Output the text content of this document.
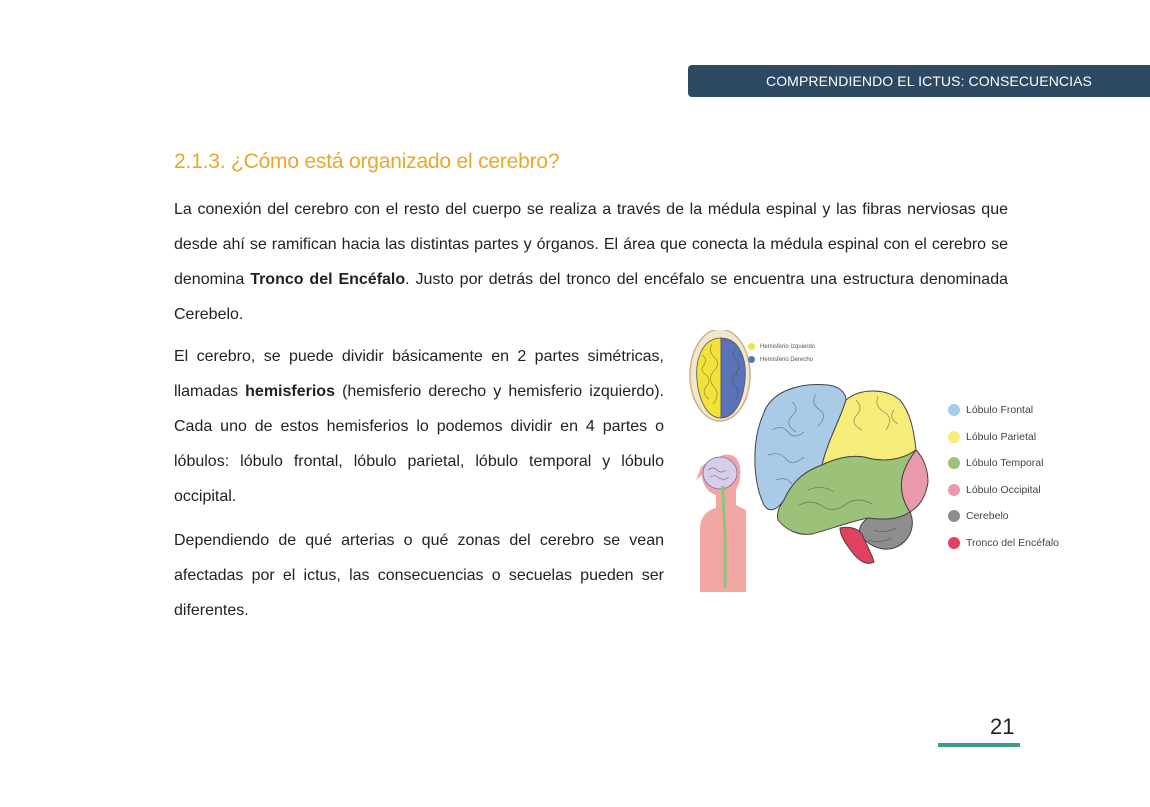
COMPRENDIENDO EL ICTUS: CONSECUENCIAS
2.1.3. ¿Cómo está organizado el cerebro?

La conexión del cerebro con el resto del cuerpo se realiza a través de la médula espinal y las fibras nerviosas que desde ahí se ramifican hacia las distintas partes y órganos. El área que conecta la médula espinal con el cerebro se denomina Tronco del Encéfalo. Justo por detrás del tronco del encéfalo se encuentra una estructura denominada Cerebelo.

El cerebro, se puede dividir básicamente en 2 partes simétricas, llamadas hemisferios (hemisferio derecho y hemisferio izquierdo). Cada uno de estos hemisferios lo podemos dividir en 4 partes o lóbulos: lóbulo frontal, lóbulo parietal, lóbulo temporal y lóbulo occipital.

Dependiendo de qué arterias o qué zonas del cerebro se vean afectadas por el ictus, las consecuencias o secuelas pueden ser diferentes.

Hemisferio Izquierdo
Hemisferio Derecho
Lóbulo Frontal
Lóbulo Parietal
Lóbulo Temporal
Lóbulo Occipital
Cerebelo
Tronco del Encéfalo
21
